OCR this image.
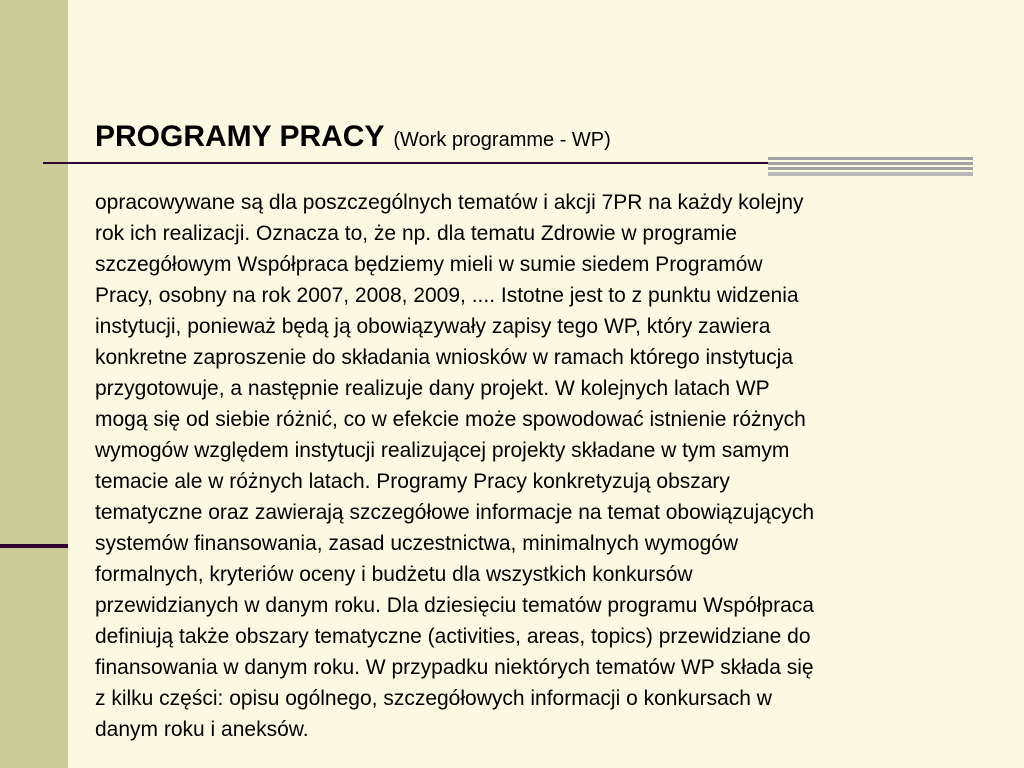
PROGRAMY PRACY (Work programme - WP)

opracowywane są dla poszczególnych tematów i akcji 7PR na każdy kolejny
rok ich realizacji. Oznacza to, że np. dla tematu Zdrowie w programie
szczegółowym Współpraca będziemy mieli w sumie siedem Programów
Pracy, osobny na rok 2007, 2008, 2009, .... Istotne jest to z punktu widzenia
instytucji, ponieważ będą ją obowiązywały zapisy tego WP, który zawiera
konkretne zaproszenie do składania wniosków w ramach którego instytucja
przygotowuje, a następnie realizuje dany projekt. W kolejnych latach WP
mogą się od siebie różnić, co w efekcie może spowodować istnienie różnych
wymogów względem instytucji realizującej projekty składane w tym samym
temacie ale w różnych latach. Programy Pracy konkretyzują obszary
tematyczne oraz zawierają szczegółowe informacje na temat obowiązujących
systemów finansowania, zasad uczestnictwa, minimalnych wymogów
formalnych, kryteriów oceny i budżetu dla wszystkich konkursów
przewidzianych w danym roku. Dla dziesięciu tematów programu Współpraca
definiują także obszary tematyczne (activities, areas, topics) przewidziane do
finansowania w danym roku. W przypadku niektórych tematów WP składa się
z kilku części: opisu ogólnego, szczegółowych informacji o konkursach w
danym roku i aneksów.
